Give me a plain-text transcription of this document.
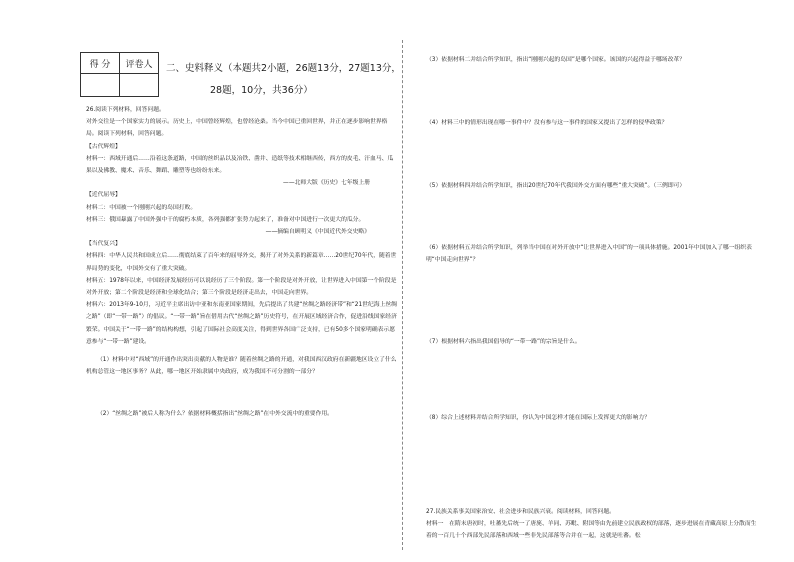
得 分	评卷人
	二、史料释义（本题共2小题，26题13分，27题13分，
28题，10分，共36分）

26.阅读下列材料，回答问题。

对外交往是一个国家实力的展示。历史上，中国曾经辉煌，也曾经沧桑。当今中国已重回世界，并正在逐步影响世界格局。阅读下列材料，回答问题。

【古代辉煌】

材料一：西域开通后……沿着这条道路，中国的丝织品以及冶铁、凿井、造纸等技术相继西传，西方的皮毛、汗血马、瓜果以及佛教、魔术、音乐、舞蹈、雕塑等也纷纷东来。

——北师大版《历史》七年级上册

【近代屈辱】

材料二：中国被一个刚刚兴起的岛国打败。

材料三：俄国暴露了中国外强中干的腐朽本质，各列强都扩张势力起来了，准备对中国进行一次更大的瓜分。

——摘编自顾明义《中国近代外交史略》

【当代复兴】

材料四：中华人民共和国成立后……彻底结束了百年来的屈辱外交，揭开了对外关系的新篇章……20世纪70年代，随着世界局势的变化，中国外交有了重大突破。

材料五：1978年以来，中国经济发展经历可以说经历了三个阶段。第一个阶段是对外开放，让世界进入中国第一个阶段是对外开放；第二个阶段是经济和全球化结合；第三个阶段是经济走出去，中国走向世界。

材料六：2013年9-10月，习近平主席出访中亚和东南亚国家期间，先后提出了共建“丝绸之路经济带”和“21世纪海上丝绸之路”（即“一带一路”）的倡议。“一带一路”旨在借用古代“丝绸之路”历史符号，在开展区域经济合作，促进沿线国家经济繁荣。中国关于“一带一路”的结构构想，引起了国际社会高度关注，得到世界各国广泛支持，已有50多个国家明确表示愿意参与“一带一路”建设。

（1）材料中对“西域”的开通作出突出贡献的人物是谁？随着丝绸之路的开通，对我国西汉政府在新疆地区设立了什么机构总管这一地区事务？从此，哪一地区开始隶属中央政府，成为我国不可分割的一部分？

（2）“丝绸之路”被后人称为什么？依据材料概括指出“丝绸之路”在中外交流中的重要作用。

（3）依据材料二并结合所学知识，指出“刚刚兴起的岛国”是哪个国家。该国的兴起得益于哪场改革？

（4）材料三中的情形出现在哪一事件中？没有参与这一事件的国家又提出了怎样的侵华政策？

（5）依据材料四并结合所学知识，指出20世纪70年代我国外交方面有哪些“重大突破”。（三例即可）

（6）依据材料五并结合所学知识，列举当中国在对外开放中“让世界进入中国”的一项具体措施。2001年中国加入了哪一组织表明“中国走向世界”？

（7）根据材料六指出我国倡导的“一带一路”的宗旨是什么。

（8）综合上述材料并结合所学知识，你认为中国怎样才能在国际上发挥更大的影响力？

27.民族关系事关国家治安、社会进步和民族兴衰。阅读材料，回答问题。

材料一　在隋末唐初时，吐蕃先后统一了唐旄、羊同、苏毗、附国等由先前建立民族政权的部落，逐步进展在青藏高原上分散而生着的一百几十个西部先民部落和西域一些非先民部落等合并在一起，这就是吐蕃。松
